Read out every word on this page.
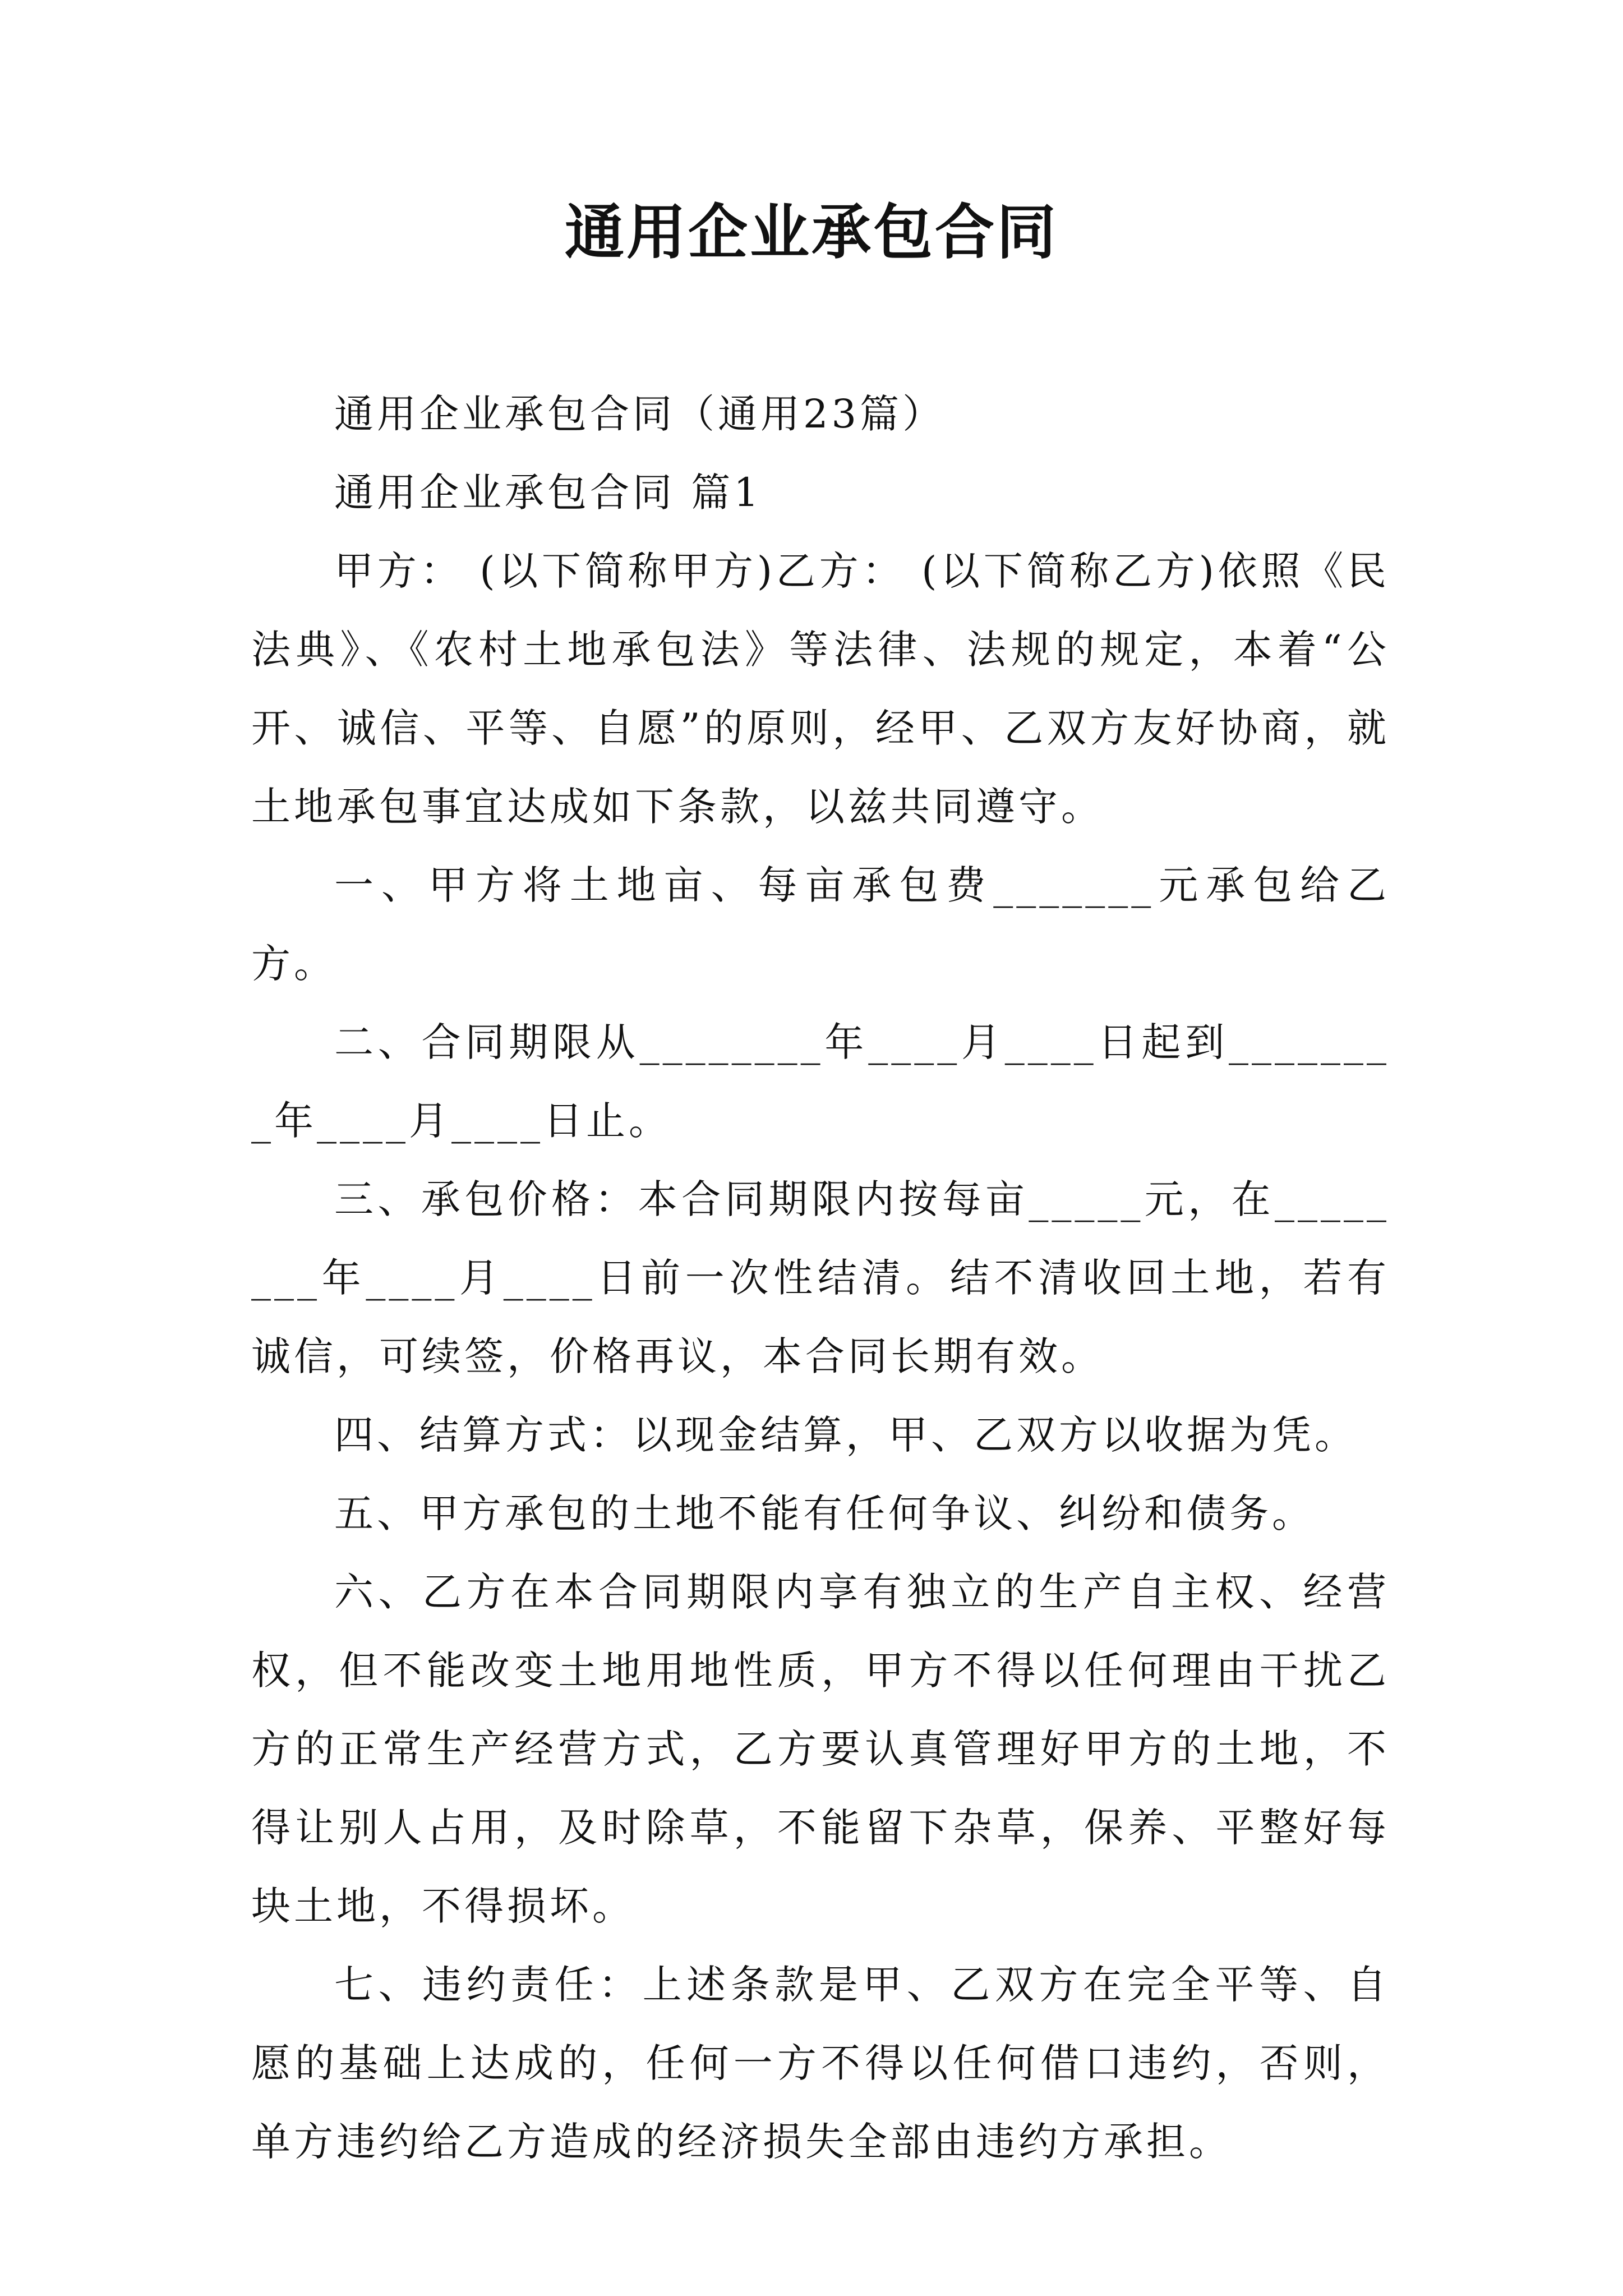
通用企业承包合同

通用企业承包合同（通用23篇）

通用企业承包合同 篇1

甲方： (以下简称甲方)乙方： (以下简称乙方)依照《民法典》、《农村土地承包法》等法律、法规的规定，本着“公开、诚信、平等、自愿”的原则，经甲、乙双方友好协商，就土地承包事宜达成如下条款，以兹共同遵守。

一、甲方将土地亩、每亩承包费_______元承包给乙方。

二、合同期限从________年____月____日起到________年____月____日止。

三、承包价格：本合同期限内按每亩_____元，在________年____月____日前一次性结清。结不清收回土地，若有诚信，可续签，价格再议，本合同长期有效。

四、结算方式：以现金结算，甲、乙双方以收据为凭。

五、甲方承包的土地不能有任何争议、纠纷和债务。

六、乙方在本合同期限内享有独立的生产自主权、经营权，但不能改变土地用地性质，甲方不得以任何理由干扰乙方的正常生产经营方式，乙方要认真管理好甲方的土地，不得让别人占用，及时除草，不能留下杂草，保养、平整好每块土地，不得损坏。

七、违约责任：上述条款是甲、乙双方在完全平等、自愿的基础上达成的，任何一方不得以任何借口违约，否则，单方违约给乙方造成的经济损失全部由违约方承担。
